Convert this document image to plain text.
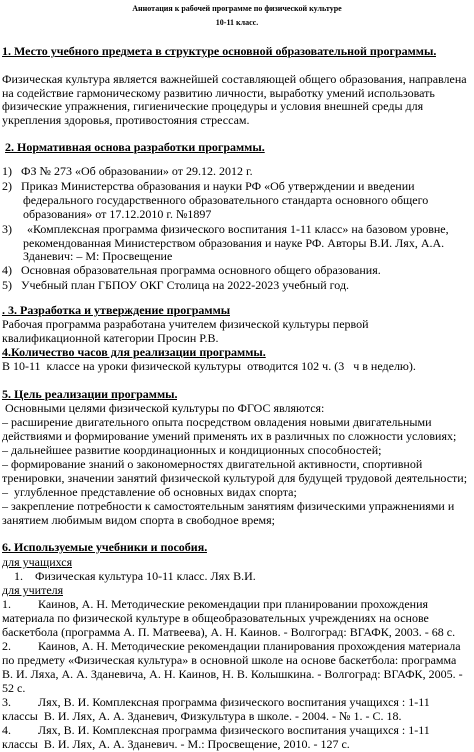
Аннотация к рабочей программе по физической культуре
10-11 класс.
1. Место учебного предмета в структуре основной образовательной программы.
Физическая культура является важнейшей составляющей общего образования, направлена
на содействие гармоническому развитию личности, выработку умений использовать
физические упражнения, гигиенические процедуры и условия внешней среды для
укрепления здоровья, противостояния стрессам.
2. Нормативная основа разработки программы.
1)   ФЗ № 273 «Об образовании» от 29.12. 2012 г.
2)   Приказ Министерства образования и науки РФ «Об утверждении и введении
федерального государственного образовательного стандарта основного общего
образования» от 17.12.2010 г. №1897
3)     «Комплексная программа физического воспитания 1-11 класс» на базовом уровне,
рекомендованная Министерством образования и науке РФ. Авторы В.И. Лях, А.А.
Зданевич: – М: Просвещение
4)   Основная образовательная программа основного общего образования.
5)   Учебный план ГБПОУ ОКГ Столица на 2022-2023 учебный год.
. 3. Разработка и утверждение программы
Рабочая программа разработана учителем физической культуры первой
квалификационной категории Просин Р.В.
4.Количество часов для реализации программы.
В 10-11  классе на уроки физической культуры  отводится 102 ч. (3   ч в неделю).
5. Цель реализации программы.
Основными целями физической культуры по ФГОС являются:
– расширение двигательного опыта посредством овладения новыми двигательными
действиями и формирование умений применять их в различных по сложности условиях;
– дальнейшее развитие координационных и кондиционных способностей;
– формирование знаний о закономерностях двигательной активности, спортивной
тренировки, значении занятий физической культурой для будущей трудовой деятельности;
–  углубленное представление об основных видах спорта;
– закрепление потребности к самостоятельным занятиям физическими упражнениями и
занятием любимым видом спорта в свободное время;
6. Используемые учебники и пособия.
для учащихся
1.    Физическая культура 10-11 класс. Лях В.И.
для учителя
1.         Каинов, А. Н. Методические рекомендации при планировании прохождения
материала по физической культуре в общеобразовательных учреждениях на основе
баскетбола (программа А. П. Матвеева), А. Н. Каинов. - Волгоград: ВГАФК, 2003. - 68 с.
2.         Каинов, А. Н. Методические рекомендации планирования прохождения материала
по предмету «Физическая культура» в основной школе на основе баскетбола: программа
В. И. Ляха, А. А. Зданевича, А. Н. Каинов, Н. В. Колышкина. - Волгоград: ВГАФК, 2005. -
52 с.
3.         Лях, В. И. Комплексная программа физического воспитания учащихся : 1-11
классы  В. И. Лях, А. А. Зданевич, Физкультура в школе. - 2004. - № 1. - С. 18.
4.         Лях, В. И. Комплексная программа физического воспитания учащихся : 1-11
классы  В. И. Лях, А. А. Зданевич. - М.: Просвещение, 2010. - 127 с.
